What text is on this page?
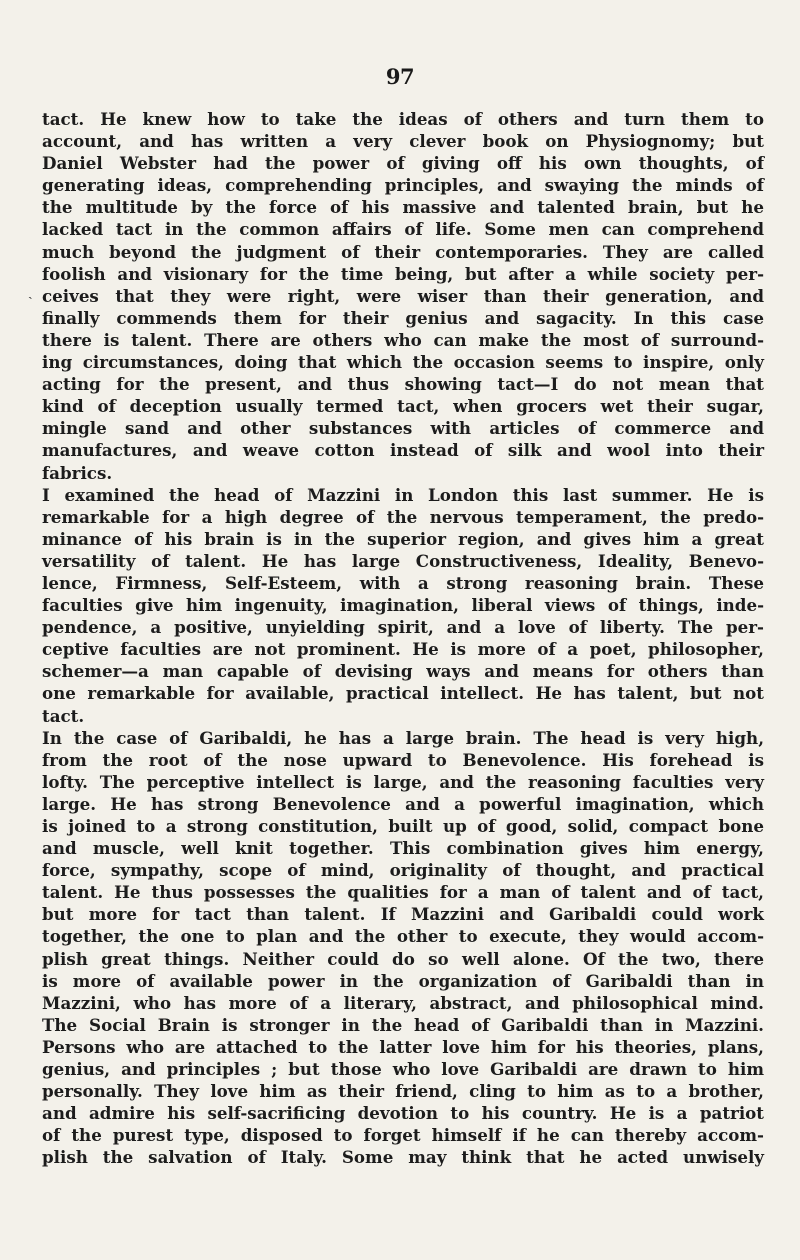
97
ˏ
tact. He knew how to take the ideas of others and turn them to
account, and has written a very clever book on Physiognomy; but
Daniel Webster had the power of giving off his own thoughts, of
generating ideas, comprehending principles, and swaying the minds of
the multitude by the force of his massive and talented brain, but he
lacked tact in the common affairs of life. Some men can comprehend
much beyond the judgment of their contemporaries. They are called
foolish and visionary for the time being, but after a while society per-
ceives that they were right, were wiser than their generation, and
finally commends them for their genius and sagacity. In this case
there is talent. There are others who can make the most of surround-
ing circumstances, doing that which the occasion seems to inspire, only
acting for the present, and thus showing tact—I do not mean that
kind of deception usually termed tact, when grocers wet their sugar,
mingle sand and other substances with articles of commerce and
manufactures, and weave cotton instead of silk and wool into their
fabrics.
I examined the head of Mazzini in London this last summer. He is
remarkable for a high degree of the nervous temperament, the predo-
minance of his brain is in the superior region, and gives him a great
versatility of talent. He has large Constructiveness, Ideality, Benevo-
lence, Firmness, Self-Esteem, with a strong reasoning brain. These
faculties give him ingenuity, imagination, liberal views of things, inde-
pendence, a positive, unyielding spirit, and a love of liberty. The per-
ceptive faculties are not prominent. He is more of a poet, philosopher,
schemer—a man capable of devising ways and means for others than
one remarkable for available, practical intellect. He has talent, but not
tact.
In the case of Garibaldi, he has a large brain. The head is very high,
from the root of the nose upward to Benevolence. His forehead is
lofty. The perceptive intellect is large, and the reasoning faculties very
large. He has strong Benevolence and a powerful imagination, which
is joined to a strong constitution, built up of good, solid, compact bone
and muscle, well knit together. This combination gives him energy,
force, sympathy, scope of mind, originality of thought, and practical
talent. He thus possesses the qualities for a man of talent and of tact,
but more for tact than talent. If Mazzini and Garibaldi could work
together, the one to plan and the other to execute, they would accom-
plish great things. Neither could do so well alone. Of the two, there
is more of available power in the organization of Garibaldi than in
Mazzini, who has more of a literary, abstract, and philosophical mind.
The Social Brain is stronger in the head of Garibaldi than in Mazzini.
Persons who are attached to the latter love him for his theories, plans,
genius, and principles ; but those who love Garibaldi are drawn to him
personally. They love him as their friend, cling to him as to a brother,
and admire his self-sacrificing devotion to his country. He is a patriot
of the purest type, disposed to forget himself if he can thereby accom-
plish the salvation of Italy. Some may think that he acted unwisely
